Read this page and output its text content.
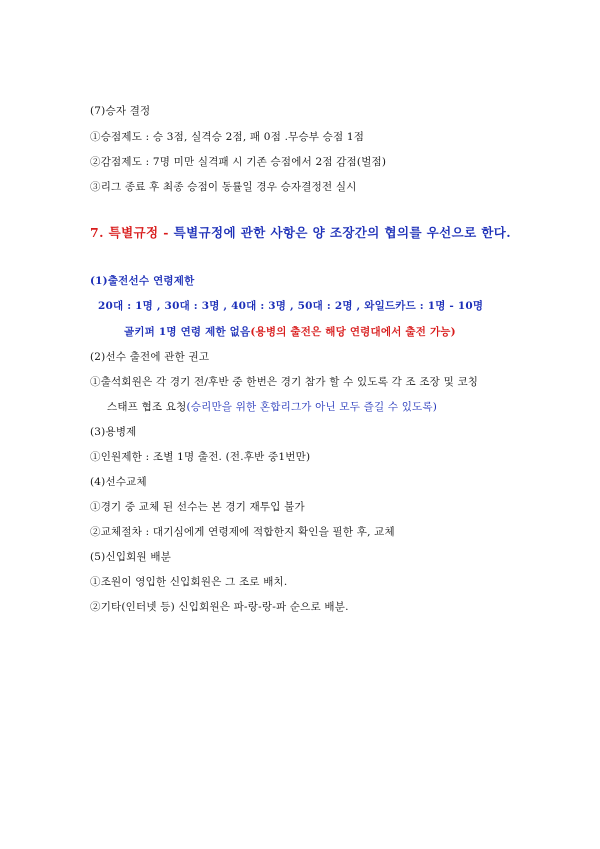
(7)승자 결정
①승점제도 : 승 3점, 실격승 2점, 패 0점 .무승부 승점 1점
②감점제도 : 7명 미만 실격패 시 기존 승점에서 2점 감점(벌점)
③리그 종료 후 최종 승점이 동률일 경우 승자결정전 실시
7. 특별규정 - 특별규정에 관한 사항은 양 조장간의 협의를 우선으로 한다.
(1)출전선수 연령제한
20대 : 1명 , 30대 : 3명 , 40대 : 3명 , 50대 : 2명 , 와일드카드 : 1명 - 10명
골키퍼 1명 연령 제한 없음(용병의 출전은 해당 연령대에서 출전 가능)
(2)선수 출전에 관한 권고
①출석회원은 각 경기 전/후반 중 한번은 경기 참가 할 수 있도록 각 조 조장 및 코칭
스태프 협조 요청(승리만을 위한 혼합리그가 아닌 모두 즐길 수 있도록)
(3)용병제
①인원제한 : 조별 1명 출전. (전.후반 중1번만)
(4)선수교체
①경기 중 교체 된 선수는 본 경기 재투입 불가
②교체절차 : 대기심에게 연령제에 적합한지 확인을 필한 후, 교체
(5)신입회원 배분
①조원이 영입한 신입회원은 그 조로 배치.
②기타(인터넷 등) 신입회원은 파-랑-랑-파 순으로 배분.
